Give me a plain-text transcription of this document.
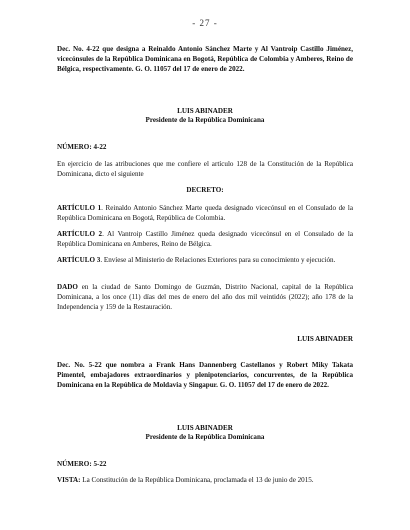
- 27 -

Dec. No. 4-22 que designa a Reinaldo Antonio Sánchez Marte y Al Vantroip Castillo Jiménez, vicecónsules de la República Dominicana en Bogotá, República de Colombia y Amberes, Reino de Bélgica, respectivamente. G. O. 11057 del 17 de enero de 2022.

LUIS ABINADER

Presidente de la República Dominicana

NÚMERO: 4-22

En ejercicio de las atribuciones que me confiere el artículo 128 de la Constitución de la República Dominicana, dicto el siguiente

DECRETO:

ARTÍCULO 1. Reinaldo Antonio Sánchez Marte queda designado vicecónsul en el Consulado de la República Dominicana en Bogotá, República de Colombia.

ARTÍCULO 2. Al Vantroip Castillo Jiménez queda designado vicecónsul en el Consulado de la República Dominicana en Amberes, Reino de Bélgica.

ARTÍCULO 3. Envíese al Ministerio de Relaciones Exteriores para su conocimiento y ejecución.

DADO en la ciudad de Santo Domingo de Guzmán, Distrito Nacional, capital de la República Dominicana, a los once (11) días del mes de enero del año dos mil veintidós (2022); año 178 de la Independencia y 159 de la Restauración.

LUIS ABINADER

Dec. No. 5-22 que nombra a Frank Hans Dannenberg Castellanos y Robert Miky Takata Pimentel, embajadores extraordinarios y plenipotenciarios, concurrentes, de la República Dominicana en la República de Moldavia y Singapur. G. O. 11057 del 17 de enero de 2022.

LUIS ABINADER

Presidente de la República Dominicana

NÚMERO: 5-22

VISTA: La Constitución de la República Dominicana, proclamada el 13 de junio de 2015.
